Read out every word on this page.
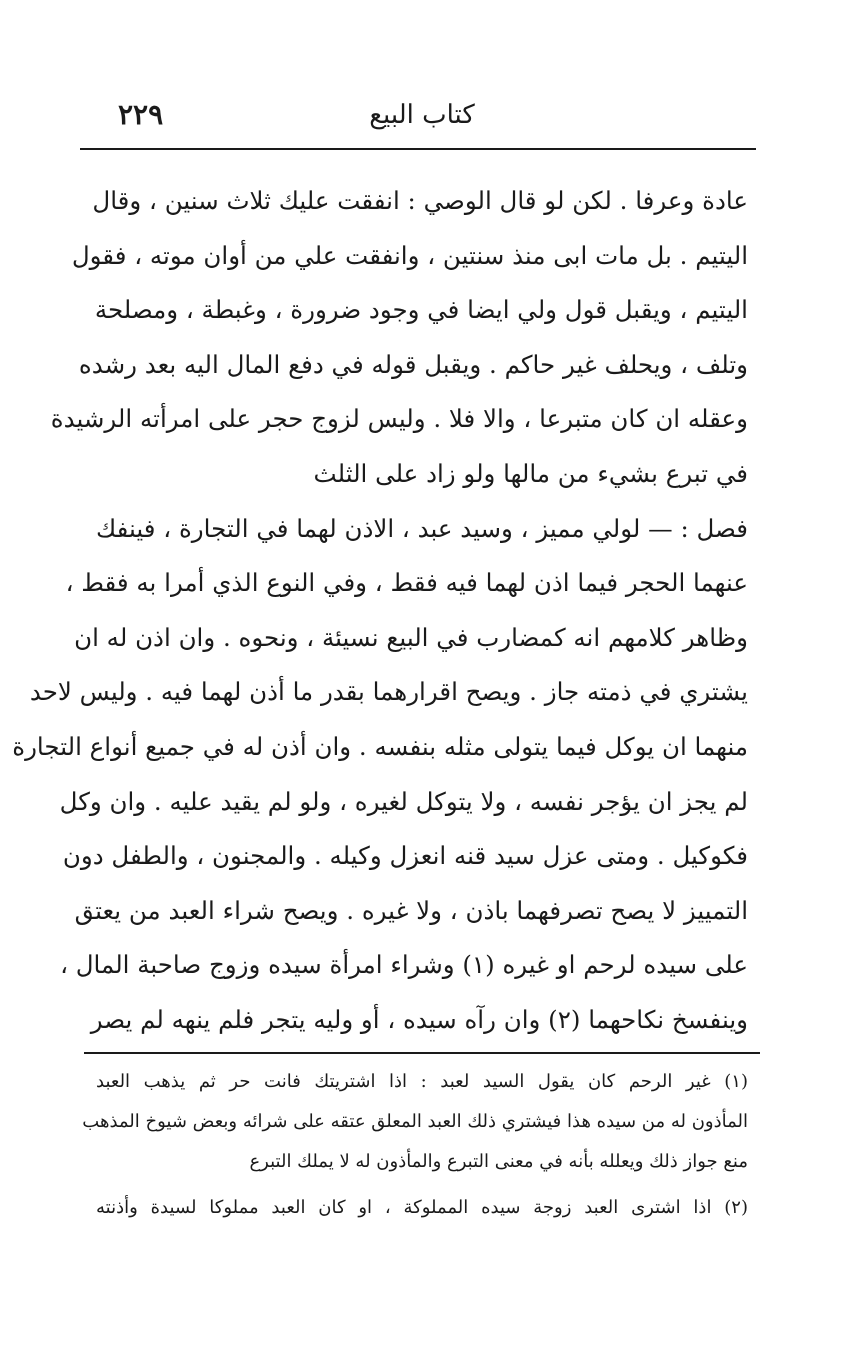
٢٢٩	كتاب البيع
عادة وعرفا . لكن لو قال الوصي : انفقت عليك ثلاث سنين ، وقال
اليتيم . بل مات ابى منذ سنتين ، وانفقت علي من أوان موته ، فقول
اليتيم ، ويقبل قول ولي ايضا في وجود ضرورة ، وغبطة ، ومصلحة
وتلف ، ويحلف غير حاكم . ويقبل قوله في دفع المال اليه بعد رشده
وعقله ان كان متبرعا ، والا فلا . وليس لزوج حجر على امرأته الرشيدة
في تبرع بشيء من مالها ولو زاد على الثلث
فصل : — لولي مميز ، وسيد عبد ، الاذن لهما في التجارة ، فينفك
عنهما الحجر فيما اذن لهما فيه فقط ، وفي النوع الذي أمرا به فقط ،
وظاهر كلامهم انه كمضارب في البيع نسيئة ، ونحوه . وان اذن له ان
يشتري في ذمته جاز . ويصح اقرارهما بقدر ما أذن لهما فيه . وليس لاحد
منهما ان يوكل فيما يتولى مثله بنفسه . وان أذن له في جميع أنواع التجارة
لم يجز ان يؤجر نفسه ، ولا يتوكل لغيره ، ولو لم يقيد عليه . وان وكل
فكوكيل . ومتى عزل سيد قنه انعزل وكيله . والمجنون ، والطفل دون
التمييز لا يصح تصرفهما باذن ، ولا غيره . ويصح شراء العبد من يعتق
على سيده لرحم او غيره (١) وشراء امرأة سيده وزوج صاحبة المال ،
وينفسخ نكاحهما (٢) وان رآه سيده ، أو وليه يتجر فلم ينهه لم يصر
(١) غير الرحم كان يقول السيد لعبد : اذا اشتريتك فانت حر ثم يذهب العبد
المأذون له من سيده هذا فيشتري ذلك العبد المعلق عتقه على شرائه وبعض شيوخ المذهب
منع جواز ذلك ويعلله بأنه في معنى التبرع والمأذون له لا يملك التبرع
(٢) اذا اشترى العبد زوجة سيده المملوكة ، او كان العبد مملوكا لسيدة وأذنته
